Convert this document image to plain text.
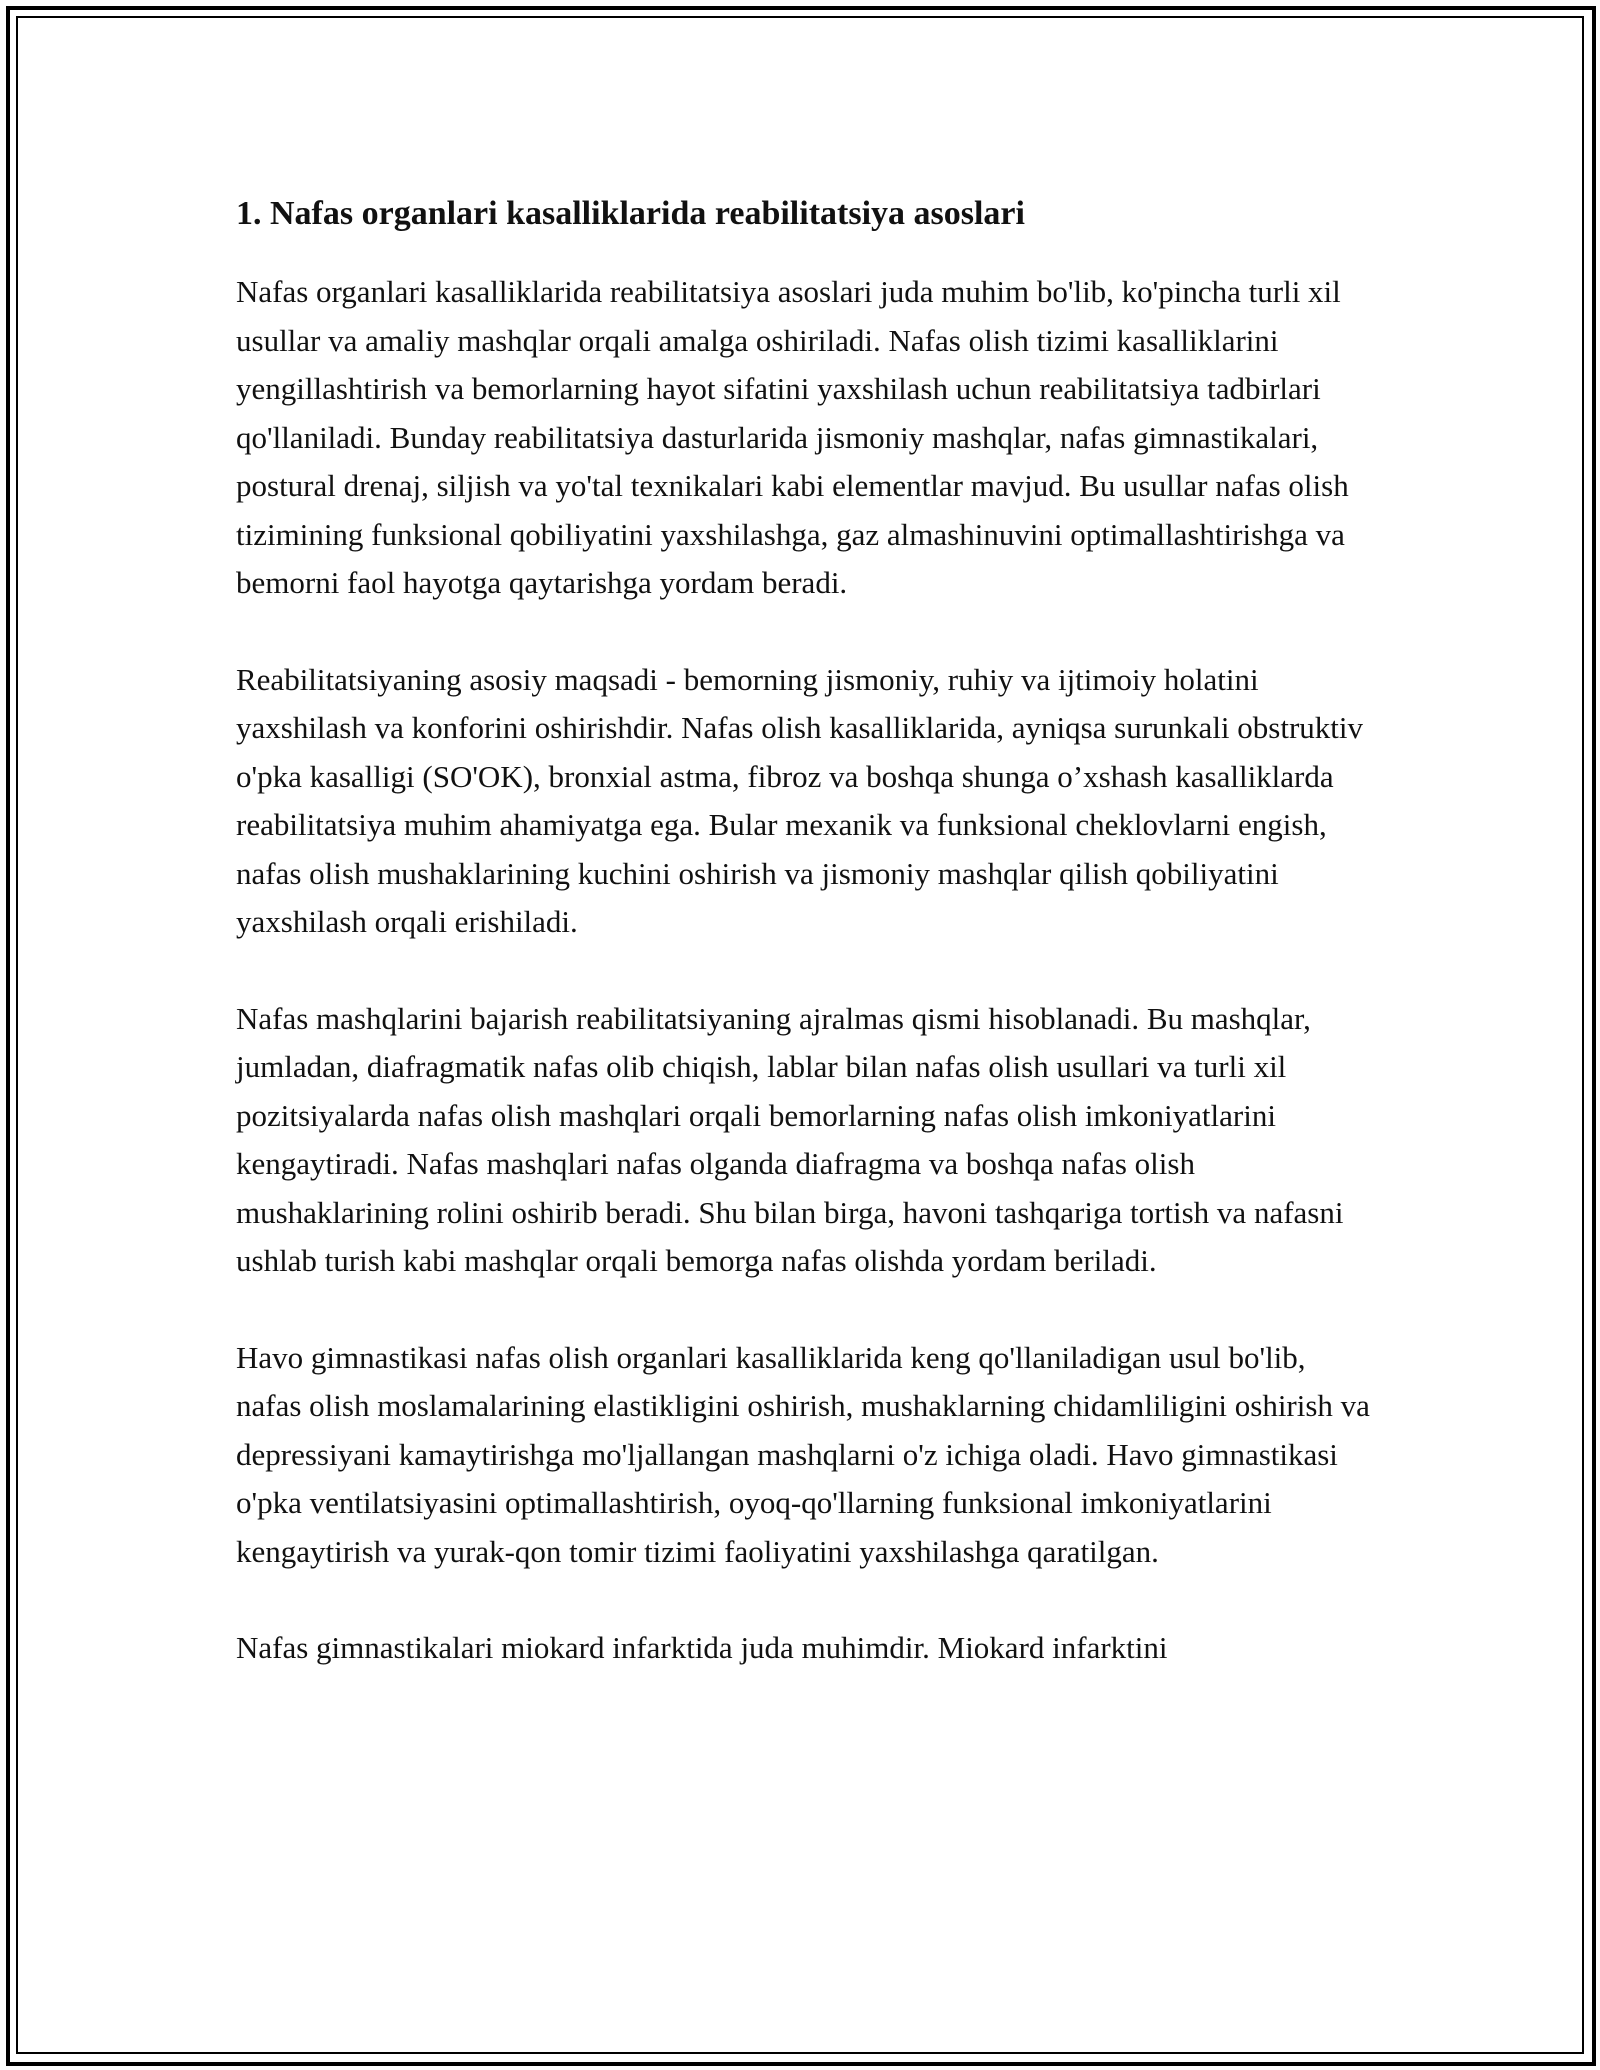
1. Nafas organlari kasalliklarida reabilitatsiya asoslari

Nafas organlari kasalliklarida reabilitatsiya asoslari juda muhim bo'lib, ko'pincha turli xil usullar va amaliy mashqlar orqali amalga oshiriladi. Nafas olish tizimi kasalliklarini yengillashtirish va bemorlarning hayot sifatini yaxshilash uchun reabilitatsiya tadbirlari qo'llaniladi. Bunday reabilitatsiya dasturlarida jismoniy mashqlar, nafas gimnastikalari, postural drenaj, siljish va yo'tal texnikalari kabi elementlar mavjud. Bu usullar nafas olish tizimining funksional qobiliyatini yaxshilashga, gaz almashinuvini optimallashtirishga va bemorni faol hayotga qaytarishga yordam beradi.

Reabilitatsiyaning asosiy maqsadi - bemorning jismoniy, ruhiy va ijtimoiy holatini yaxshilash va konforini oshirishdir. Nafas olish kasalliklarida, ayniqsa surunkali obstruktiv o'pka kasalligi (SO'OK), bronxial astma, fibroz va boshqa shunga o’xshash kasalliklarda reabilitatsiya muhim ahamiyatga ega. Bular mexanik va funksional cheklovlarni engish, nafas olish mushaklarining kuchini oshirish va jismoniy mashqlar qilish qobiliyatini yaxshilash orqali erishiladi.

Nafas mashqlarini bajarish reabilitatsiyaning ajralmas qismi hisoblanadi. Bu mashqlar, jumladan, diafragmatik nafas olib chiqish, lablar bilan nafas olish usullari va turli xil pozitsiyalarda nafas olish mashqlari orqali bemorlarning nafas olish imkoniyatlarini kengaytiradi. Nafas mashqlari nafas olganda diafragma va boshqa nafas olish mushaklarining rolini oshirib beradi. Shu bilan birga, havoni tashqariga tortish va nafasni ushlab turish kabi mashqlar orqali bemorga nafas olishda yordam beriladi.

Havo gimnastikasi nafas olish organlari kasalliklarida keng qo'llaniladigan usul bo'lib, nafas olish moslamalarining elastikligini oshirish, mushaklarning chidamliligini oshirish va depressiyani kamaytirishga mo'ljallangan mashqlarni o'z ichiga oladi. Havo gimnastikasi o'pka ventilatsiyasini optimallashtirish, oyoq-qo'llarning funksional imkoniyatlarini kengaytirish va yurak-qon tomir tizimi faoliyatini yaxshilashga qaratilgan.

Nafas gimnastikalari miokard infarktida juda muhimdir. Miokard infarktini
